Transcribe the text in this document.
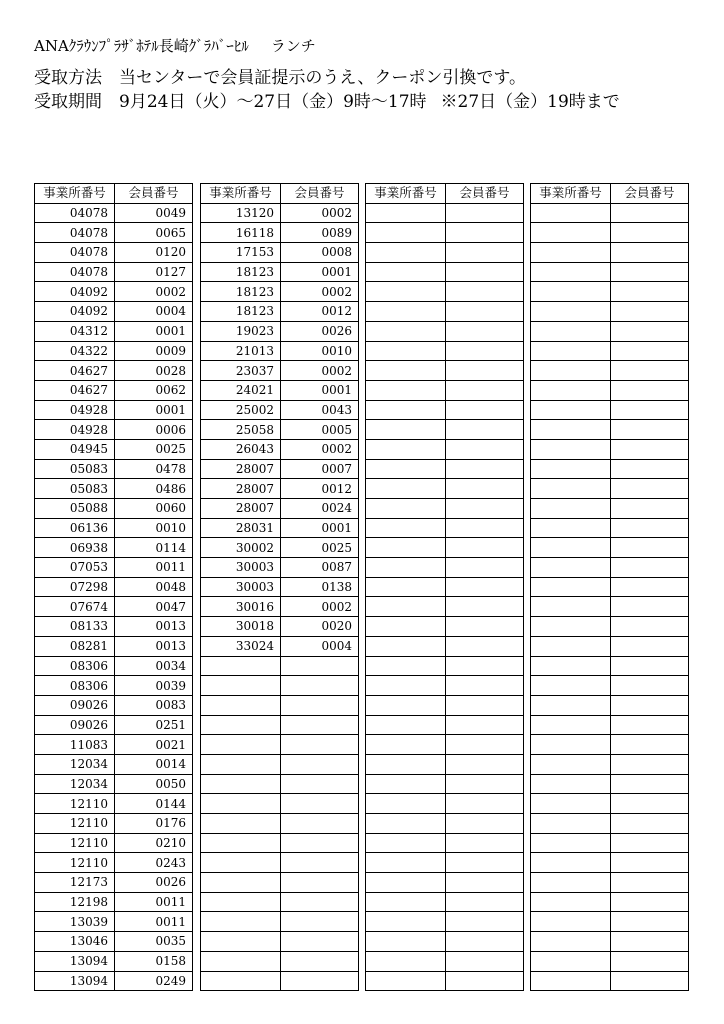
ANAｸﾗｳﾝﾌﾟﾗｻﾞﾎﾃﾙ長崎ｸﾞﾗﾊﾞｰﾋﾙ ランチ
受取方法 当センターで会員証提示のうえ、クーポン引換です。
受取期間 9月24日（火）～27日（金）9時～17時 ※27日（金）19時まで
事業所番号	会員番号
04078	0049
04078	0065
04078	0120
04078	0127
04092	0002
04092	0004
04312	0001
04322	0009
04627	0028
04627	0062
04928	0001
04928	0006
04945	0025
05083	0478
05083	0486
05088	0060
06136	0010
06938	0114
07053	0011
07298	0048
07674	0047
08133	0013
08281	0013
08306	0034
08306	0039
09026	0083
09026	0251
11083	0021
12034	0014
12034	0050
12110	0144
12110	0176
12110	0210
12110	0243
12173	0026
12198	0011
13039	0011
13046	0035
13094	0158
13094	0249
事業所番号	会員番号
13120	0002
16118	0089
17153	0008
18123	0001
18123	0002
18123	0012
19023	0026
21013	0010
23037	0002
24021	0001
25002	0043
25058	0005
26043	0002
28007	0007
28007	0012
28007	0024
28031	0001
30002	0025
30003	0087
30003	0138
30016	0002
30018	0020
33024	0004

事業所番号	会員番号

	事業所番号	会員番号
